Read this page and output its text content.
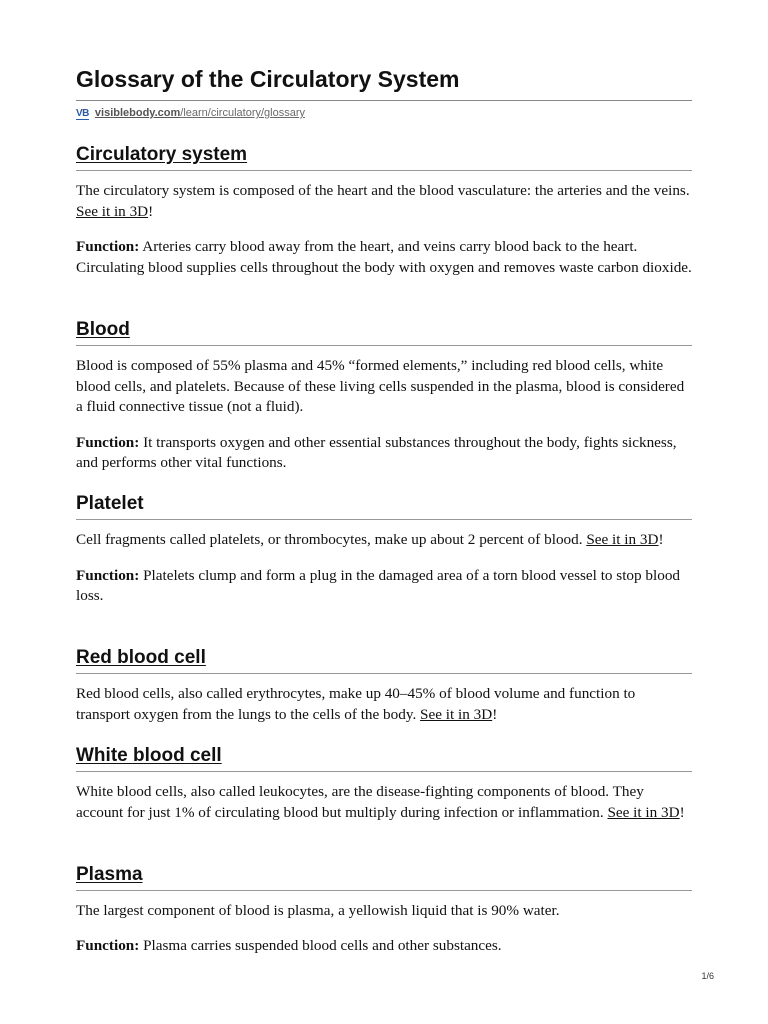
Glossary of the Circulatory System
VB visiblebody.com /learn/circulatory/glossary
Circulatory system

The circulatory system is composed of the heart and the blood vasculature: the arteries and the veins. See it in 3D!

Function: Arteries carry blood away from the heart, and veins carry blood back to the heart. Circulating blood supplies cells throughout the body with oxygen and removes waste carbon dioxide.

Blood

Blood is composed of 55% plasma and 45% “formed elements,” including red blood cells, white blood cells, and platelets. Because of these living cells suspended in the plasma, blood is considered a fluid connective tissue (not a fluid).

Function: It transports oxygen and other essential substances throughout the body, fights sickness, and performs other vital functions.

Platelet

Cell fragments called platelets, or thrombocytes, make up about 2 percent of blood. See it in 3D!

Function: Platelets clump and form a plug in the damaged area of a torn blood vessel to stop blood loss.

Red blood cell

Red blood cells, also called erythrocytes, make up 40–45% of blood volume and function to transport oxygen from the lungs to the cells of the body. See it in 3D!

White blood cell

White blood cells, also called leukocytes, are the disease-fighting components of blood. They account for just 1% of circulating blood but multiply during infection or inflammation. See it in 3D!

Plasma

The largest component of blood is plasma, a yellowish liquid that is 90% water.

Function: Plasma carries suspended blood cells and other substances.

1/6
